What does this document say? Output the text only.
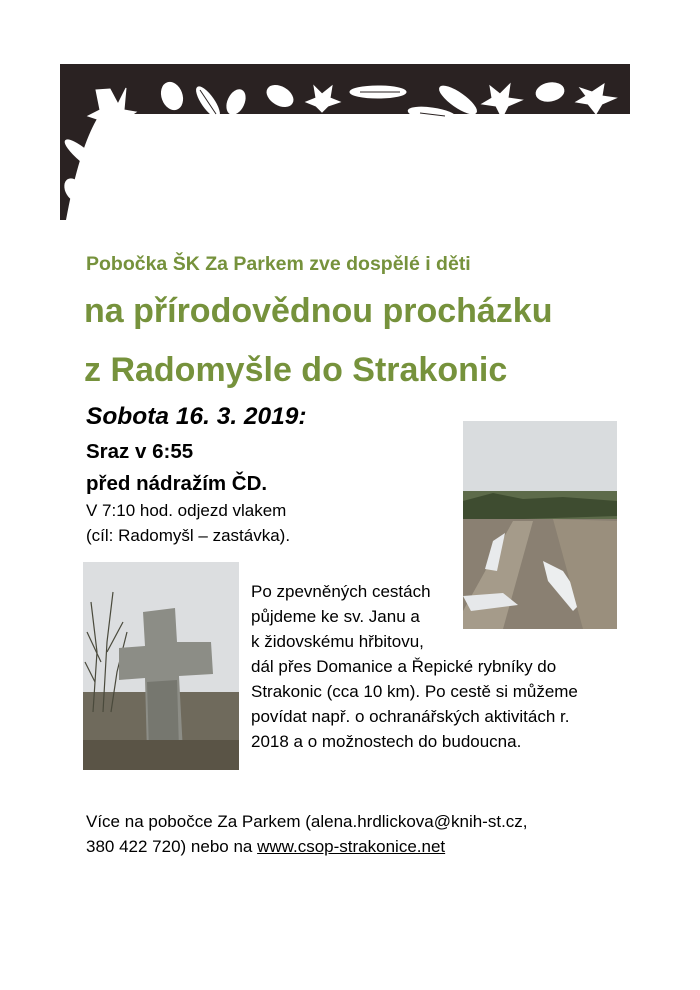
Pobočka ŠK Za Parkem zve dospělé i děti

na přírodovědnou procházku
z Radomyšle do Strakonic

Sobota 16. 3. 2019:

Sraz v 6:55

před nádražím ČD.

V 7:10 hod. odjezd vlakem

(cíl: Radomyšl – zastávka).

Po zpevněných cestách

půjdeme ke sv. Janu a

k židovskému hřbitovu,

dál přes Domanice a Řepické rybníky do

Strakonic (cca 10 km). Po cestě si můžeme

povídat např. o ochranářských aktivitách r.

2018 a o možnostech do budoucna.

Více na pobočce Za Parkem (alena.hrdlickova@knih-st.cz,

380 422 720) nebo na www.csop-strakonice.net
